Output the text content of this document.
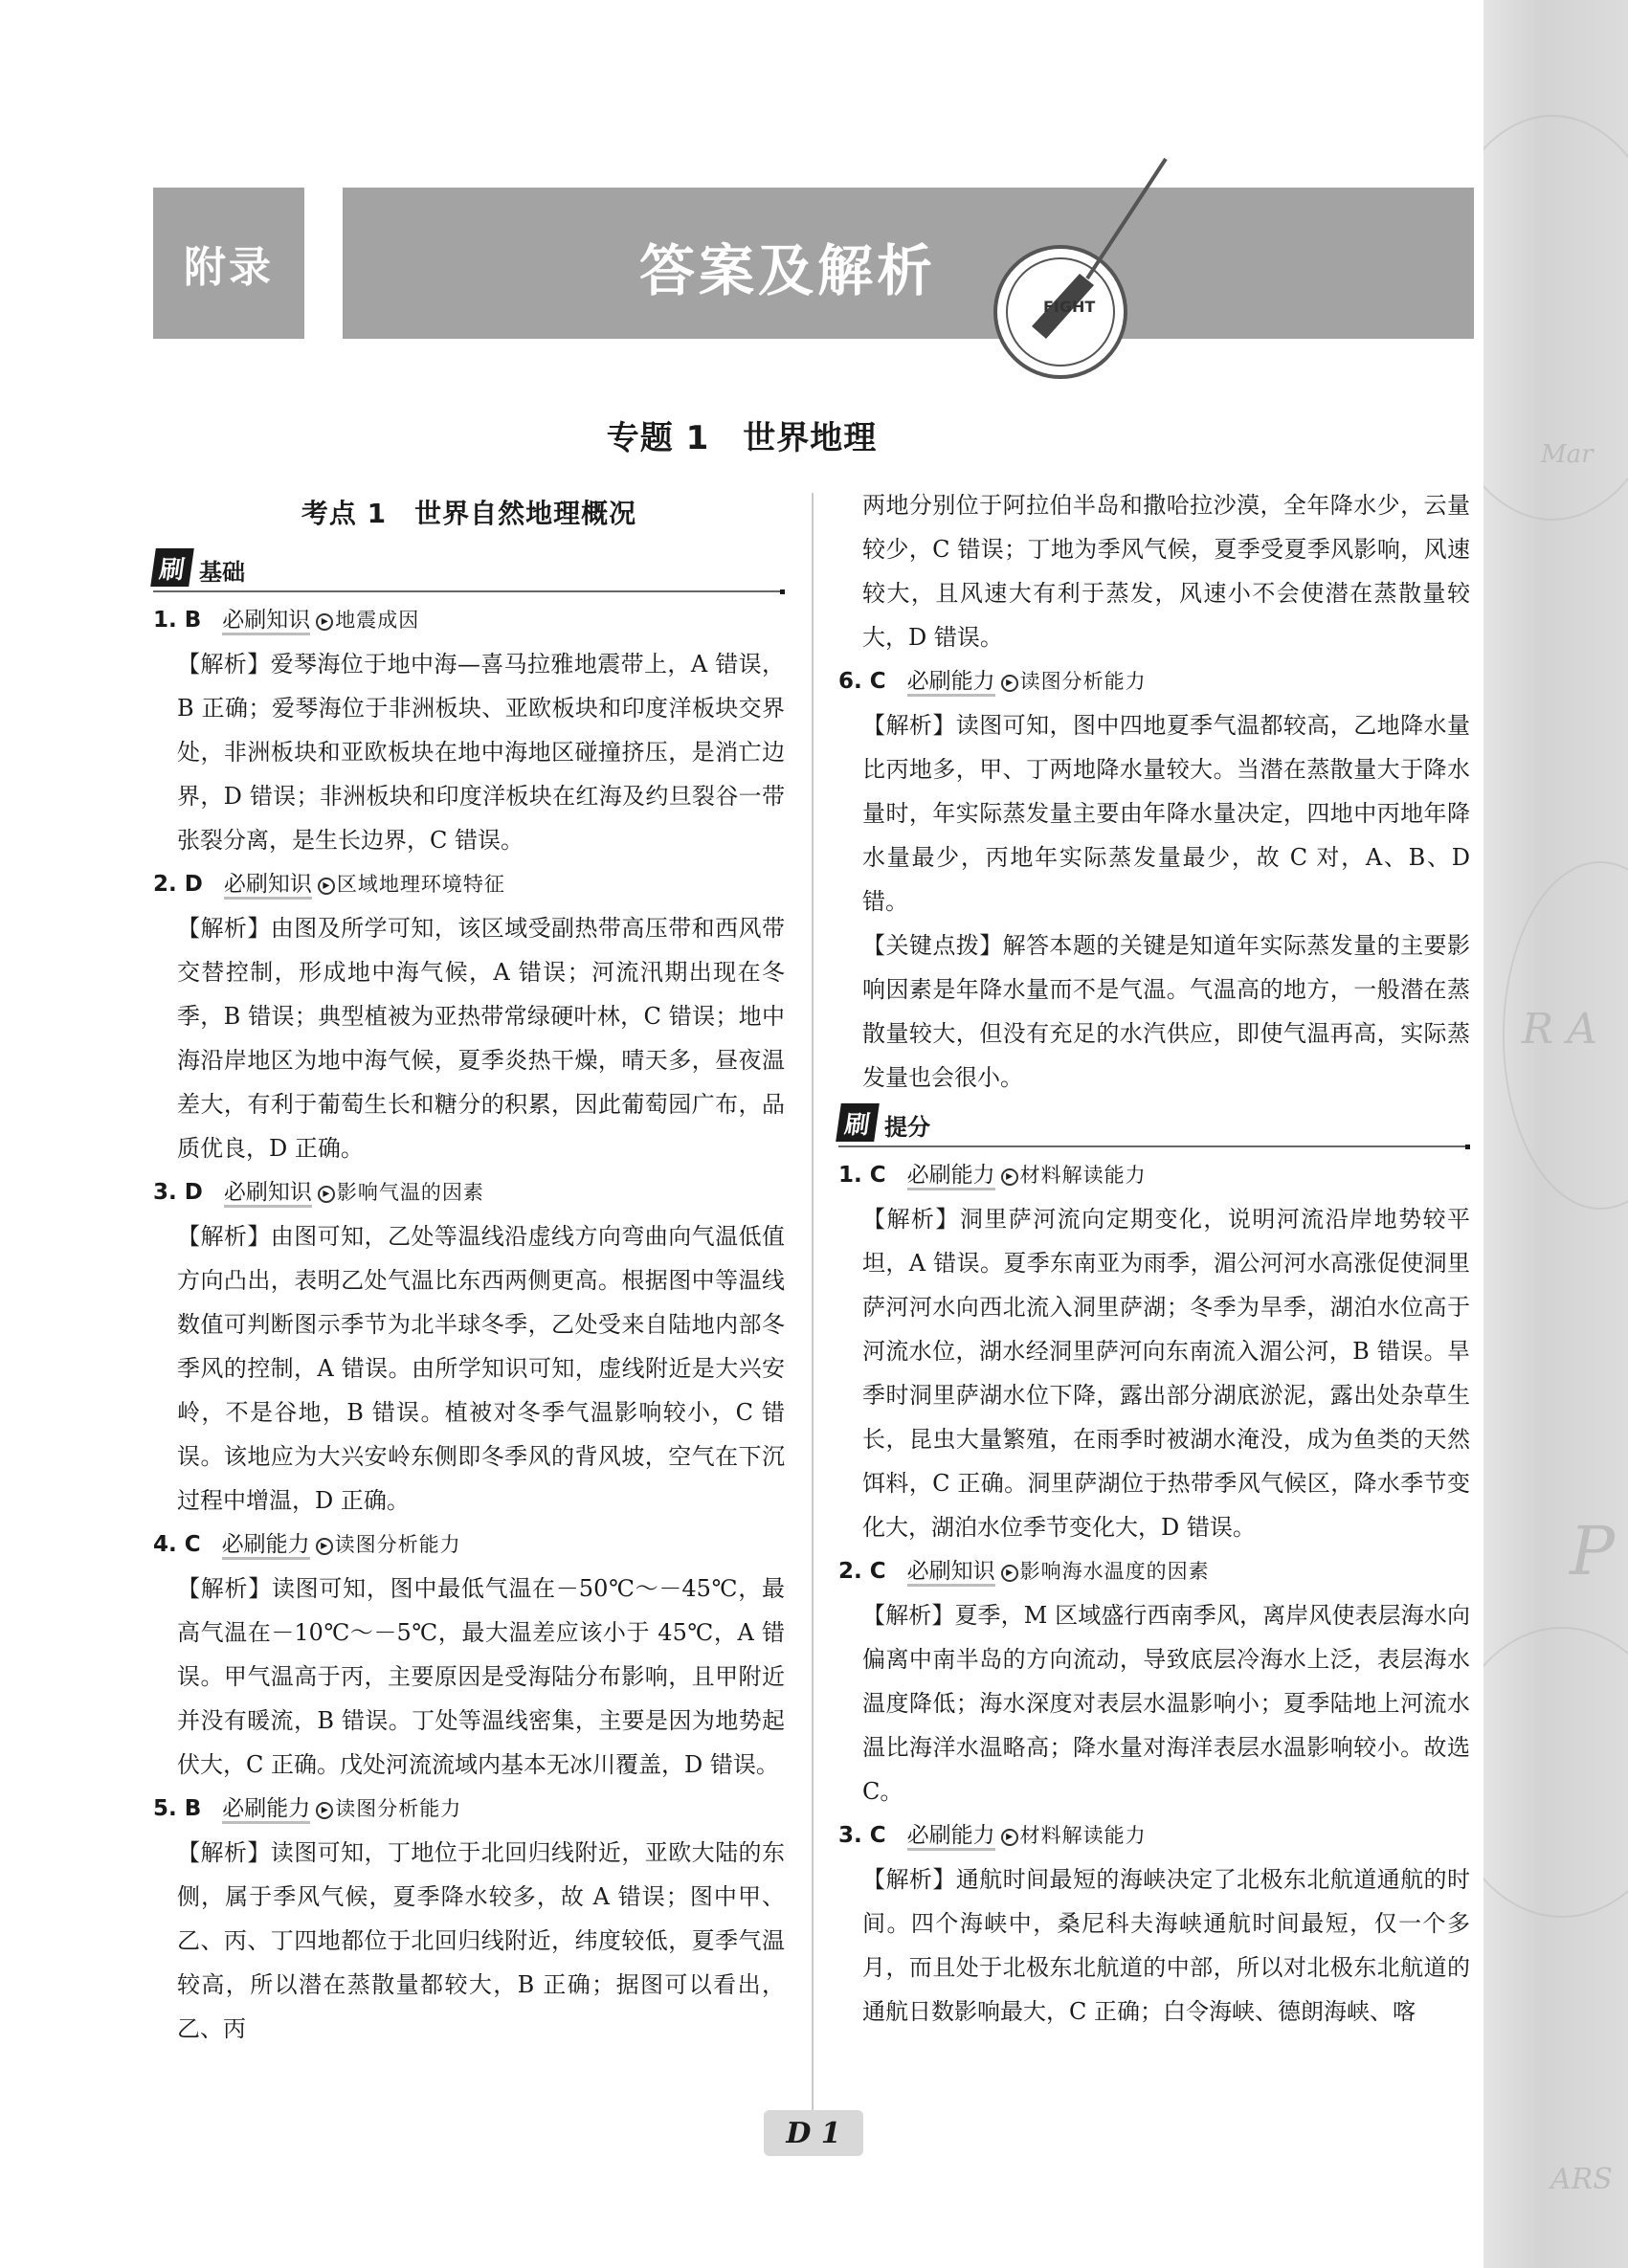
Mar
R A
P
ARS
附录	答案及解析
FIGHT
专题 1　世界地理
考点 1　世界自然地理概况
刷 基础
1. B 必刷知识 ▸ 地震成因

【解析】爱琴海位于地中海—喜马拉雅地震带上，A 错误，B 正确；爱琴海位于非洲板块、亚欧板块和印度洋板块交界处，非洲板块和亚欧板块在地中海地区碰撞挤压，是消亡边界，D 错误；非洲板块和印度洋板块在红海及约旦裂谷一带张裂分离，是生长边界，C 错误。

2. D 必刷知识 ▸ 区域地理环境特征

【解析】由图及所学可知，该区域受副热带高压带和西风带交替控制，形成地中海气候，A 错误；河流汛期出现在冬季，B 错误；典型植被为亚热带常绿硬叶林，C 错误；地中海沿岸地区为地中海气候，夏季炎热干燥，晴天多，昼夜温差大，有利于葡萄生长和糖分的积累，因此葡萄园广布，品质优良，D 正确。

3. D 必刷知识 ▸ 影响气温的因素

【解析】由图可知，乙处等温线沿虚线方向弯曲向气温低值方向凸出，表明乙处气温比东西两侧更高。根据图中等温线数值可判断图示季节为北半球冬季，乙处受来自陆地内部冬季风的控制，A 错误。由所学知识可知，虚线附近是大兴安岭，不是谷地，B 错误。植被对冬季气温影响较小，C 错误。该地应为大兴安岭东侧即冬季风的背风坡，空气在下沉过程中增温，D 正确。

4. C 必刷能力 ▸ 读图分析能力

【解析】读图可知，图中最低气温在－50℃～－45℃，最高气温在－10℃～－5℃，最大温差应该小于 45℃，A 错误。甲气温高于丙，主要原因是受海陆分布影响，且甲附近并没有暖流，B 错误。丁处等温线密集，主要是因为地势起伏大，C 正确。戊处河流流域内基本无冰川覆盖，D 错误。

5. B 必刷能力 ▸ 读图分析能力

【解析】读图可知，丁地位于北回归线附近，亚欧大陆的东侧，属于季风气候，夏季降水较多，故 A 错误；图中甲、乙、丙、丁四地都位于北回归线附近，纬度较低，夏季气温较高，所以潜在蒸散量都较大，B 正确；据图可以看出，乙、丙

两地分别位于阿拉伯半岛和撒哈拉沙漠，全年降水少，云量较少，C 错误；丁地为季风气候，夏季受夏季风影响，风速较大，且风速大有利于蒸发，风速小不会使潜在蒸散量较大，D 错误。

6. C 必刷能力 ▸ 读图分析能力

【解析】读图可知，图中四地夏季气温都较高，乙地降水量比丙地多，甲、丁两地降水量较大。当潜在蒸散量大于降水量时，年实际蒸发量主要由年降水量决定，四地中丙地年降水量最少，丙地年实际蒸发量最少，故 C 对，A、B、D 错。

【关键点拨】解答本题的关键是知道年实际蒸发量的主要影响因素是年降水量而不是气温。气温高的地方，一般潜在蒸散量较大，但没有充足的水汽供应，即使气温再高，实际蒸发量也会很小。

刷 提分
1. C 必刷能力 ▸ 材料解读能力

【解析】洞里萨河流向定期变化，说明河流沿岸地势较平坦，A 错误。夏季东南亚为雨季，湄公河河水高涨促使洞里萨河河水向西北流入洞里萨湖；冬季为旱季，湖泊水位高于河流水位，湖水经洞里萨河向东南流入湄公河，B 错误。旱季时洞里萨湖水位下降，露出部分湖底淤泥，露出处杂草生长，昆虫大量繁殖，在雨季时被湖水淹没，成为鱼类的天然饵料，C 正确。洞里萨湖位于热带季风气候区，降水季节变化大，湖泊水位季节变化大，D 错误。

2. C 必刷知识 ▸ 影响海水温度的因素

【解析】夏季，M 区域盛行西南季风，离岸风使表层海水向偏离中南半岛的方向流动，导致底层冷海水上泛，表层海水温度降低；海水深度对表层水温影响小；夏季陆地上河流水温比海洋水温略高；降水量对海洋表层水温影响较小。故选 C。

3. C 必刷能力 ▸ 材料解读能力

【解析】通航时间最短的海峡决定了北极东北航道通航的时间。四个海峡中，桑尼科夫海峡通航时间最短，仅一个多月，而且处于北极东北航道的中部，所以对北极东北航道的通航日数影响最大，C 正确；白令海峡、德朗海峡、喀

D 1
